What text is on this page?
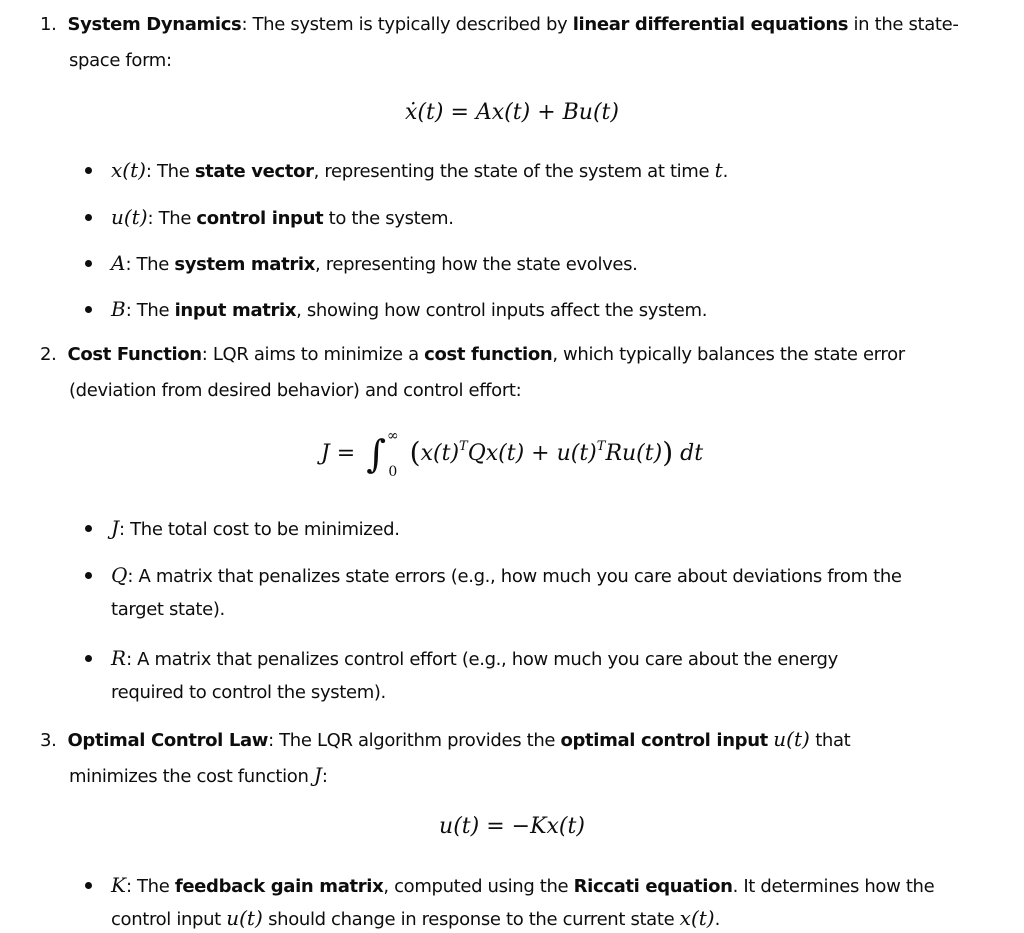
1. System Dynamics: The system is typically described by linear differential equations in the state-
space form:
ẋ(t) = Ax(t) + Bu(t)
x(t): The state vector, representing the state of the system at time t.
u(t): The control input to the system.
A: The system matrix, representing how the state evolves.
B: The input matrix, showing how control inputs affect the system.
2. Cost Function: LQR aims to minimize a cost function, which typically balances the state error
(deviation from desired behavior) and control effort:
J = ∫ ∞
0
$(x(t)^TQx(t) + u(t)^TRu(t))$ dt
J: The total cost to be minimized.
Q: A matrix that penalizes state errors (e.g., how much you care about deviations from the
target state).
R: A matrix that penalizes control effort (e.g., how much you care about the energy
required to control the system).
3. Optimal Control Law: The LQR algorithm provides the optimal control input u(t) that
minimizes the cost function J:
u(t) = −Kx(t)
K: The feedback gain matrix, computed using the Riccati equation. It determines how the
control input u(t) should change in response to the current state x(t).
